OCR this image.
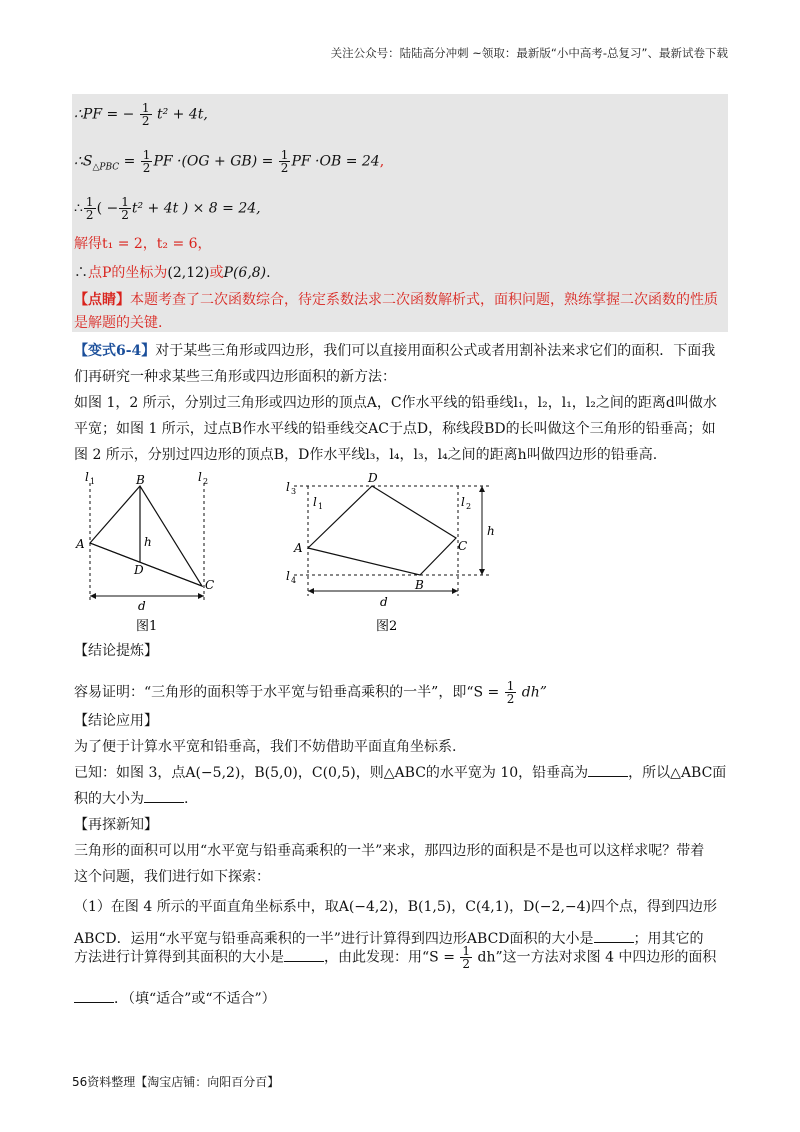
关注公众号：陆陆高分冲刺 ~领取：最新版“小中高考-总复习”、最新试卷下载
∴PF = − $\frac{1}{2} t^2 + 4t$,
$\therefore S_{\triangle PBC} = \frac{1}{2}$ PF $\cdot(OG + GB) = \frac{1}{2}$ PF ·OB = 24,
∴ $\frac{1}{2}$ ( − $\frac{1}{2} t^2 + 4t$ ) × 8 = 24,
解得t₁ = 2，t₂ = 6，
∴点P的坐标为(2,12)或P(6,8).
【点睛】本题考查了二次函数综合，待定系数法求二次函数解析式，面积问题，熟练掌握二次函数的性质
是解题的关键.
【变式6-4】对于某些三角形或四边形，我们可以直接用面积公式或者用割补法来求它们的面积．下面我
们再研究一种求某些三角形或四边形面积的新方法：
如图 1，2 所示，分别过三角形或四边形的顶点A，C作水平线的铅垂线l₁，l₂，l₁，l₂之间的距离d叫做水
平宽；如图 1 所示，过点B作水平线的铅垂线交AC于点D，称线段BD的长叫做这个三角形的铅垂高；如
图 2 所示，分别过四边形的顶点B，D作水平线l₃，l₄，l₃，l₄之间的距离h叫做四边形的铅垂高.
l 1	l 2
A
B
C
D
h
d
图1
l 3
l 4
l 1	l 2
A
D
C
B
h
d
图2
【结论提炼】
容易证明：“三角形的面积等于水平宽与铅垂高乘积的一半”，即“$S = \frac{1}{2}$ dh”
【结论应用】
为了便于计算水平宽和铅垂高，我们不妨借助平面直角坐标系.
已知：如图 3，点A(−5,2)，B(5,0)，C(0,5)，则△ABC的水平宽为 10，铅垂高为	，所以△ABC面
积的大小为	.
【再探新知】
三角形的面积可以用“水平宽与铅垂高乘积的一半”来求，那四边形的面积是不是也可以这样求呢？带着
这个问题，我们进行如下探索：
（1）在图 4 所示的平面直角坐标系中，取A(−4,2)，B(1,5)，C(4,1)，D(−2,−4)四个点，得到四边形
ABCD．运用“水平宽与铅垂高乘积的一半”进行计算得到四边形ABCD面积的大小是	；用其它的
方法进行计算得到其面积的大小是	，由此发现：用“$S = \frac{1}{2}$ dh”这一方法对求图 4 中四边形的面积
．（填“适合”或“不适合”）
56资料整理【淘宝店铺：向阳百分百】
